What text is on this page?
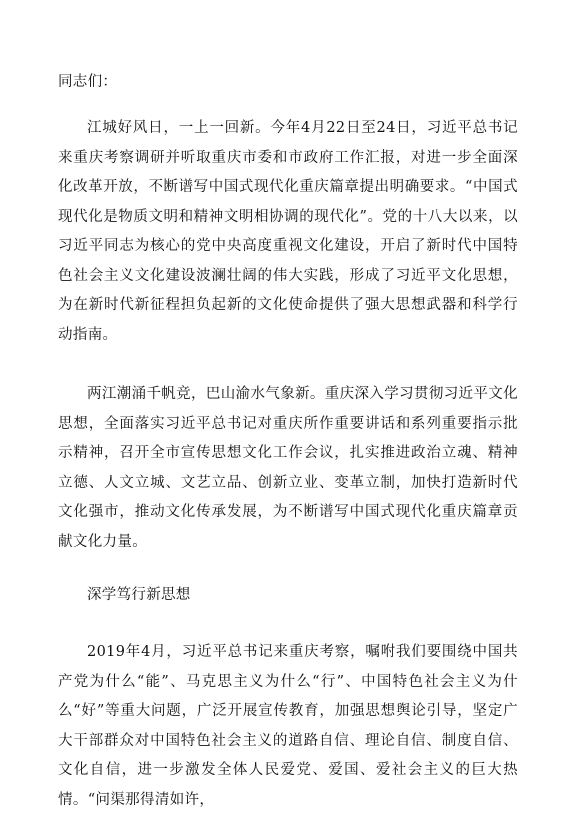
同志们：

江城好风日，一上一回新。今年4月22日至24日，习近平总书记来重庆考察调研并听取重庆市委和市政府工作汇报，对进一步全面深化改革开放，不断谱写中国式现代化重庆篇章提出明确要求。“中国式现代化是物质文明和精神文明相协调的现代化”。党的十八大以来，以习近平同志为核心的党中央高度重视文化建设，开启了新时代中国特色社会主义文化建设波澜壮阔的伟大实践，形成了习近平文化思想，为在新时代新征程担负起新的文化使命提供了强大思想武器和科学行动指南。

两江潮涌千帆竞，巴山渝水气象新。重庆深入学习贯彻习近平文化思想，全面落实习近平总书记对重庆所作重要讲话和系列重要指示批示精神，召开全市宣传思想文化工作会议，扎实推进政治立魂、精神立德、人文立城、文艺立品、创新立业、变革立制，加快打造新时代文化强市，推动文化传承发展，为不断谱写中国式现代化重庆篇章贡献文化力量。

深学笃行新思想

2019年4月，习近平总书记来重庆考察，嘱咐我们要围绕中国共产党为什么“能”、马克思主义为什么“行”、中国特色社会主义为什么“好”等重大问题，广泛开展宣传教育，加强思想舆论引导，坚定广大干部群众对中国特色社会主义的道路自信、理论自信、制度自信、文化自信，进一步激发全体人民爱党、爱国、爱社会主义的巨大热情。“问渠那得清如许，
